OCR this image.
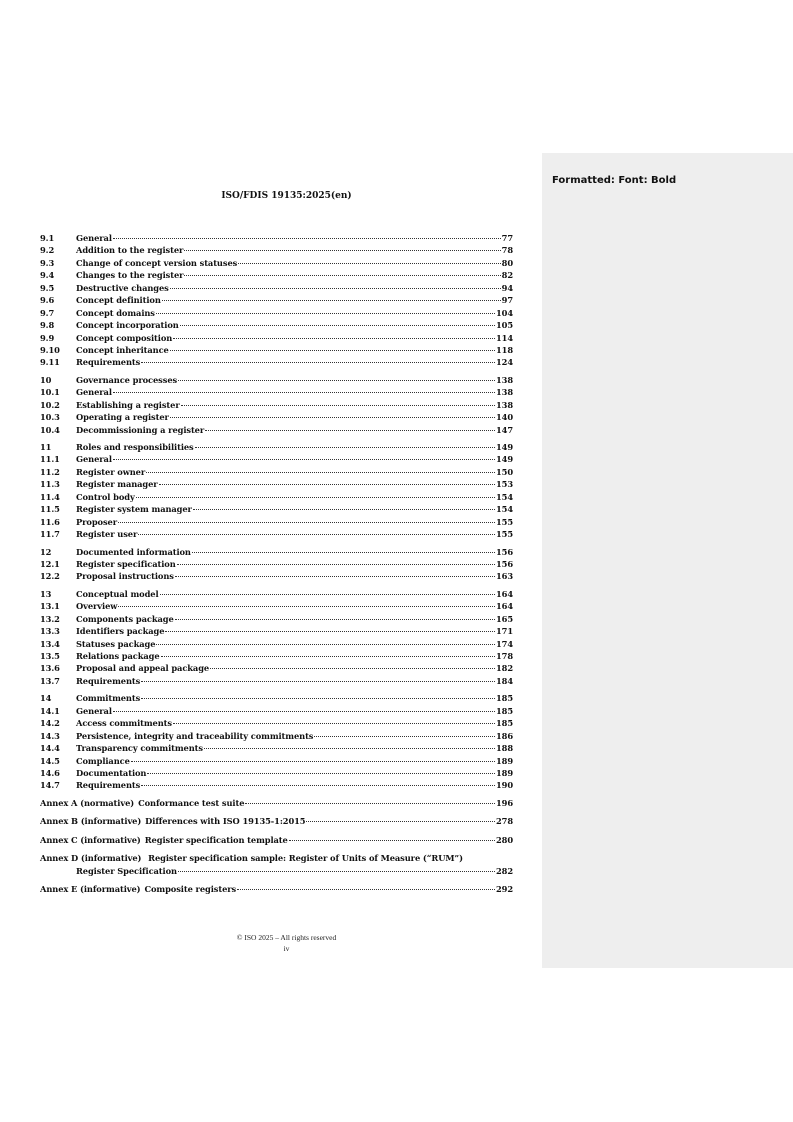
Formatted: Font: Bold
ISO/FDIS 19135:2025(en)
9.1	General	77
9.2	Addition to the register	78
9.3	Change of concept version statuses	80
9.4	Changes to the register	82
9.5	Destructive changes	94
9.6	Concept definition	97
9.7	Concept domains	104
9.8	Concept incorporation	105
9.9	Concept composition	114
9.10	Concept inheritance	118
9.11	Requirements	124
10	Governance processes	138
10.1	General	138
10.2	Establishing a register	138
10.3	Operating a register	140
10.4	Decommissioning a register	147
11	Roles and responsibilities	149
11.1	General	149
11.2	Register owner	150
11.3	Register manager	153
11.4	Control body	154
11.5	Register system manager	154
11.6	Proposer	155
11.7	Register user	155
12	Documented information	156
12.1	Register specification	156
12.2	Proposal instructions	163
13	Conceptual model	164
13.1	Overview	164
13.2	Components package	165
13.3	Identifiers package	171
13.4	Statuses package	174
13.5	Relations package	178
13.6	Proposal and appeal package	182
13.7	Requirements	184
14	Commitments	185
14.1	General	185
14.2	Access commitments	185
14.3	Persistence, integrity and traceability commitments	186
14.4	Transparency commitments	188
14.5	Compliance	189
14.6	Documentation	189
14.7	Requirements	190
Annex A (normative) Conformance test suite	196
Annex B (informative) Differences with ISO 19135-1:2015	278
Annex C (informative) Register specification template	280
Annex D (informative) Register specification sample: Register of Units of Measure (“RUM”)
Register Specification	282
Annex E (informative) Composite registers	292
© ISO 2025 – All rights reserved
iv
